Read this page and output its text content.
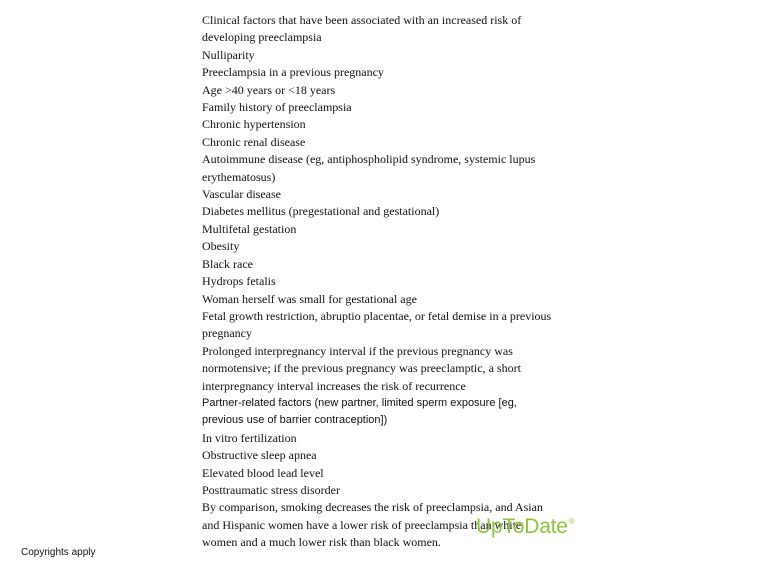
Clinical factors that have been associated with an increased risk of
developing preeclampsia
Nulliparity
Preeclampsia in a previous pregnancy
Age >40 years or <18 years
Family history of preeclampsia
Chronic hypertension
Chronic renal disease
Autoimmune disease (eg, antiphospholipid syndrome, systemic lupus
erythematosus)
Vascular disease
Diabetes mellitus (pregestational and gestational)
Multifetal gestation
Obesity
Black race
Hydrops fetalis
Woman herself was small for gestational age
Fetal growth restriction, abruptio placentae, or fetal demise in a previous
pregnancy
Prolonged interpregnancy interval if the previous pregnancy was
normotensive; if the previous pregnancy was preeclamptic, a short
interpregnancy interval increases the risk of recurrence
Partner-related factors (new partner, limited sperm exposure [eg,
previous use of barrier contraception])
In vitro fertilization
Obstructive sleep apnea
Elevated blood lead level
Posttraumatic stress disorder
By comparison, smoking decreases the risk of preeclampsia, and Asian
and Hispanic women have a lower risk of preeclampsia than white
women and a much lower risk than black women.
UpToDate®
Copyrights apply
